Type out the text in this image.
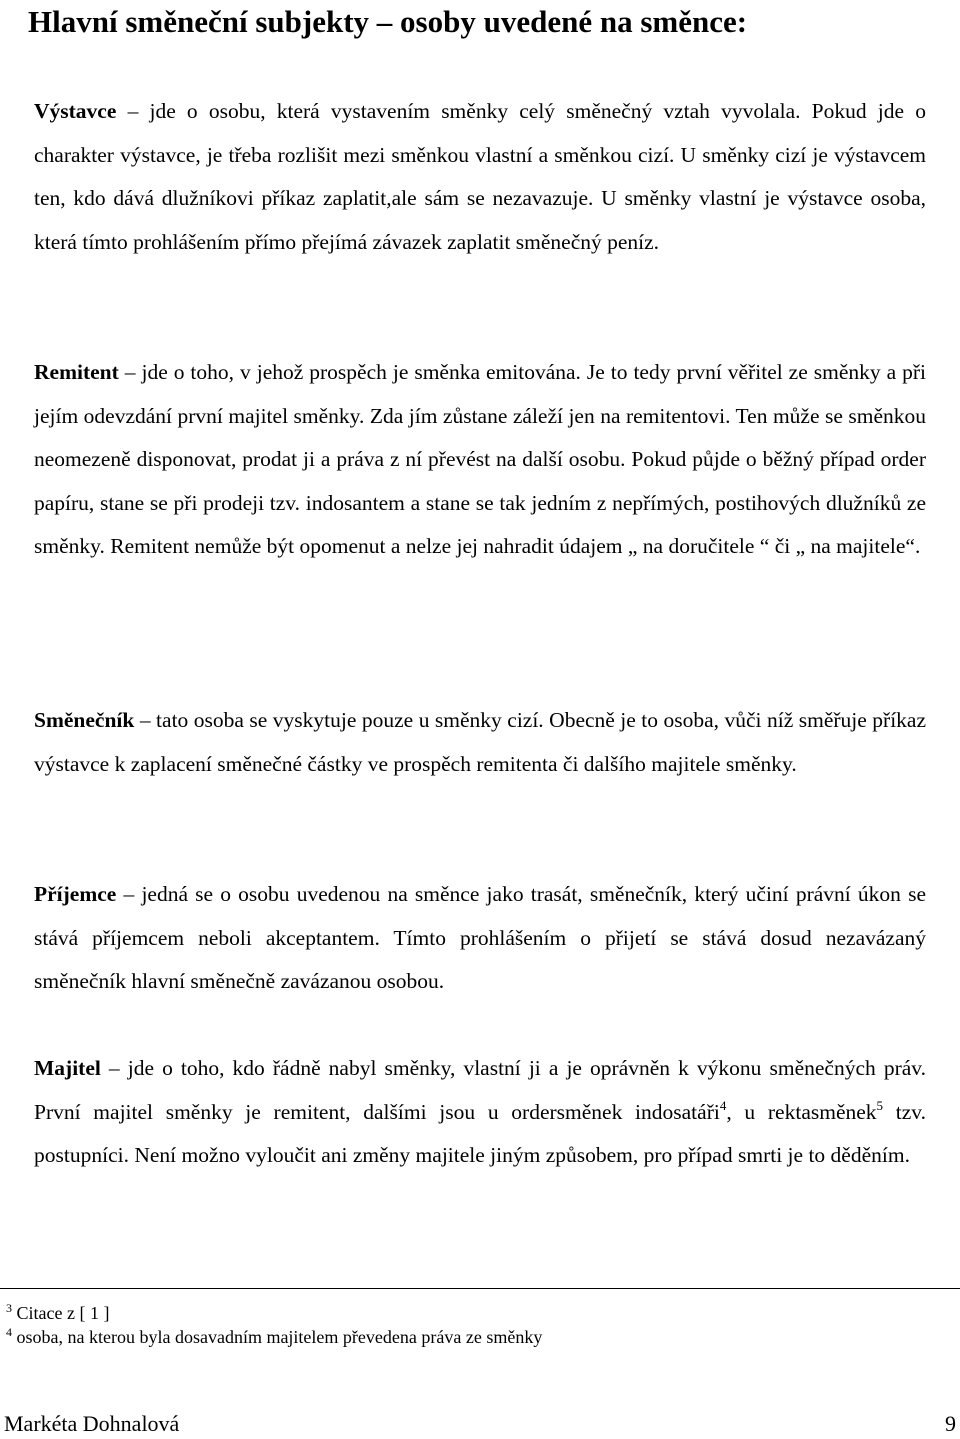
Hlavní směneční subjekty – osoby uvedené na směnce:

Výstavce – jde o osobu, která vystavením směnky celý směnečný vztah vyvolala. Pokud jde o charakter výstavce, je třeba rozlišit mezi směnkou vlastní a směnkou cizí. U směnky cizí je výstavcem ten, kdo dává dlužníkovi příkaz zaplatit,ale sám se nezavazuje. U směnky vlastní je výstavce osoba, která tímto prohlášením přímo přejímá závazek zaplatit směnečný peníz.

Remitent – jde o toho, v jehož prospěch je směnka emitována. Je to tedy první věřitel ze směnky a při jejím odevzdání první majitel směnky. Zda jím zůstane záleží jen na remitentovi. Ten může se směnkou neomezeně disponovat, prodat ji a práva z ní převést na další osobu. Pokud půjde o běžný případ order papíru, stane se při prodeji tzv. indosantem a stane se tak jedním z nepřímých, postihových dlužníků ze směnky. Remitent nemůže být opomenut a nelze jej nahradit údajem „ na doručitele “ či „ na majitele“.

Směnečník – tato osoba se vyskytuje pouze u směnky cizí. Obecně je to osoba, vůči níž směřuje příkaz výstavce k zaplacení směnečné částky ve prospěch remitenta či dalšího majitele směnky.

Příjemce – jedná se o osobu uvedenou na směnce jako trasát, směnečník, který učiní právní úkon se stává příjemcem neboli akceptantem. Tímto prohlášením o přijetí se stává dosud nezavázaný směnečník hlavní směnečně zavázanou osobou.

Majitel – jde o toho, kdo řádně nabyl směnky, vlastní ji a je oprávněn k výkonu směnečných práv. První majitel směnky je remitent, dalšími jsou u ordersměnek indosatáři$^4$, u rektasměnek$^5$ tzv. postupníci. Není možno vyloučit ani změny majitele jiným způsobem, pro případ smrti je to děděním.

$^3$ Citace z [ 1 ]

$^4$ osoba, na kterou byla dosavadním majitelem převedena práva ze směnky

Markéta Dohnalová	9
